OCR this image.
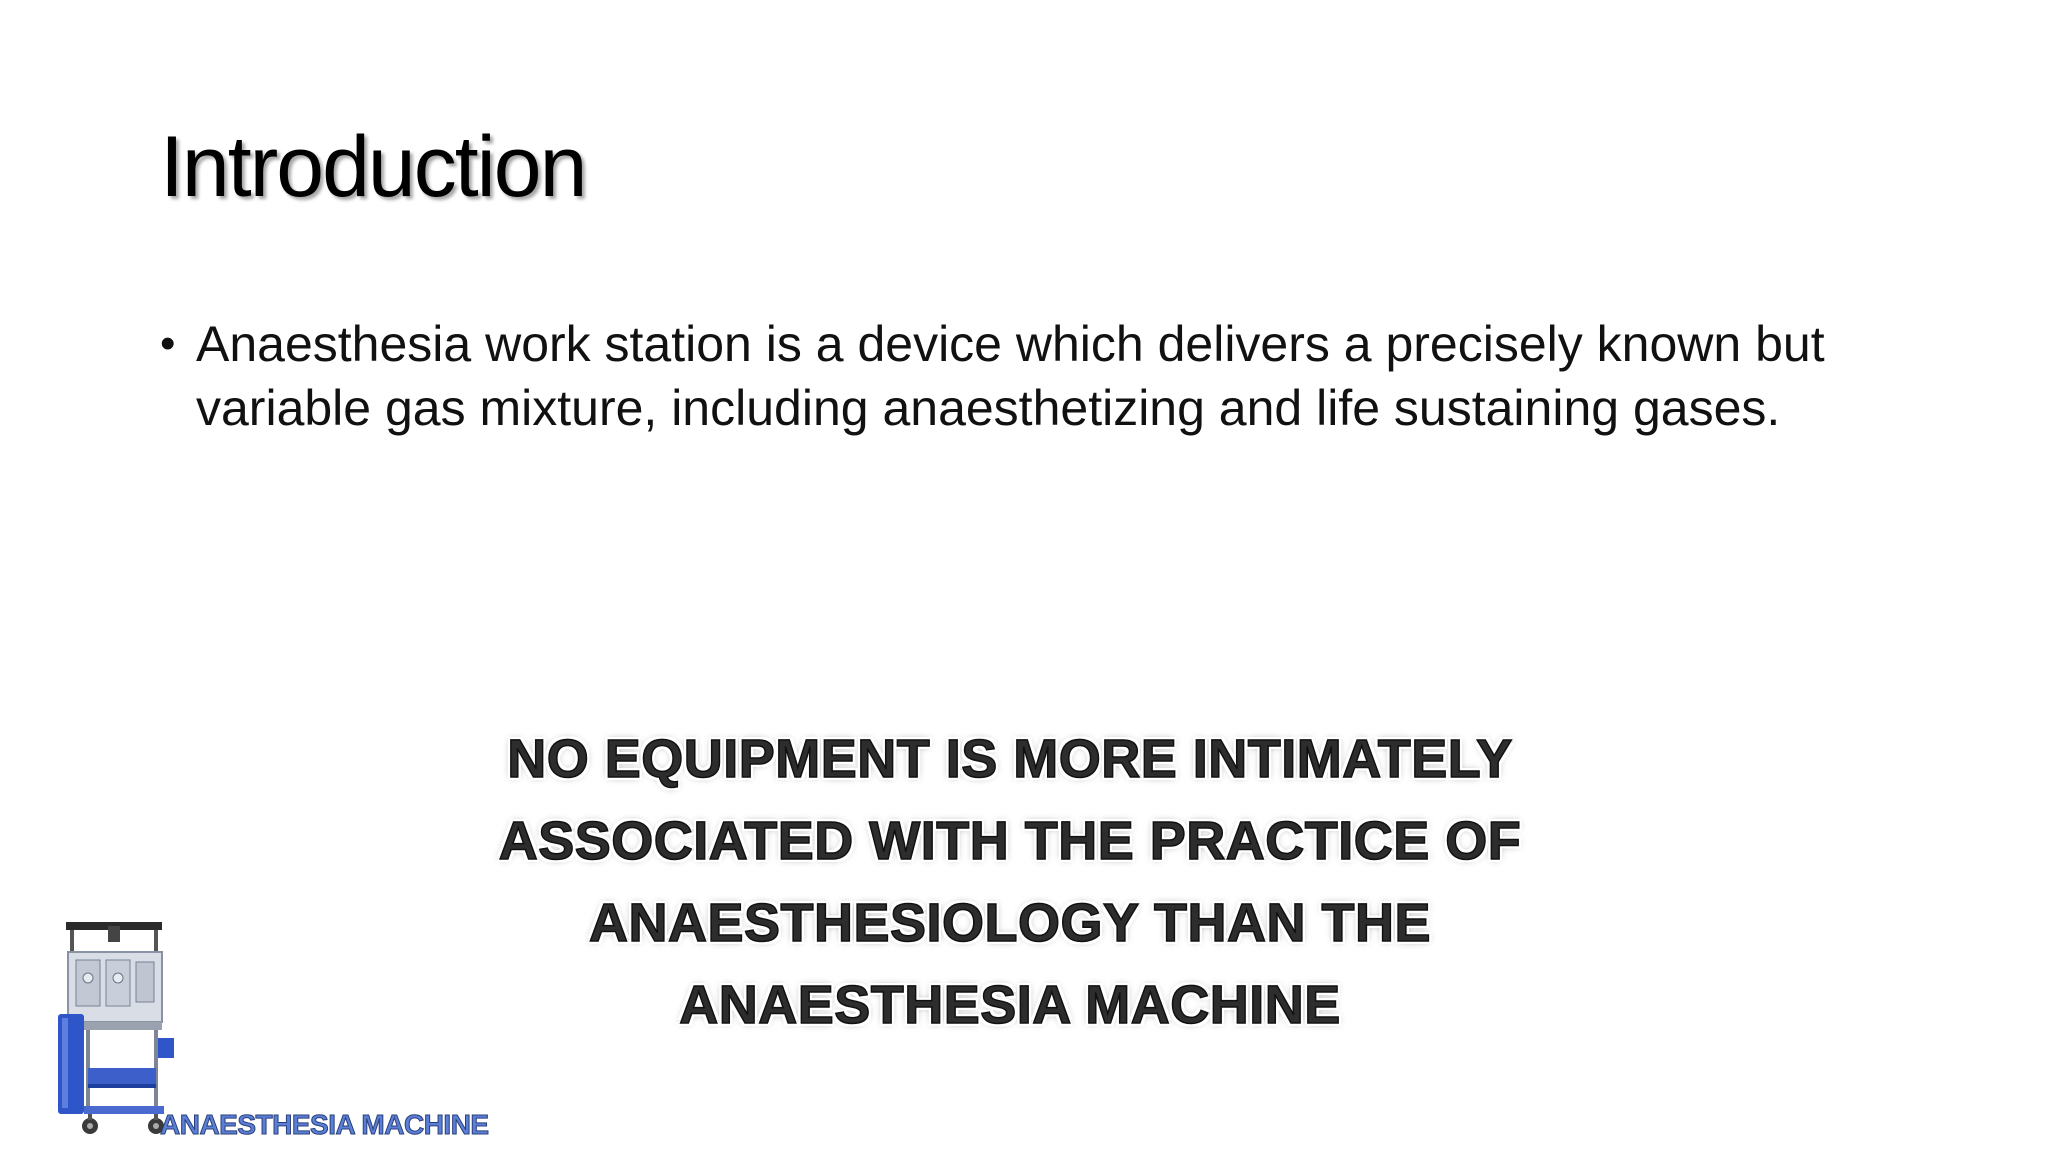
Introduction
• Anaesthesia work station is a device which delivers a precisely known but variable gas mixture, including anaesthetizing and life sustaining gases.
NO EQUIPMENT IS MORE INTIMATELY ASSOCIATED WITH THE PRACTICE OF ANAESTHESIOLOGY THAN THE ANAESTHESIA MACHINE
ANAESTHESIA MACHINE
